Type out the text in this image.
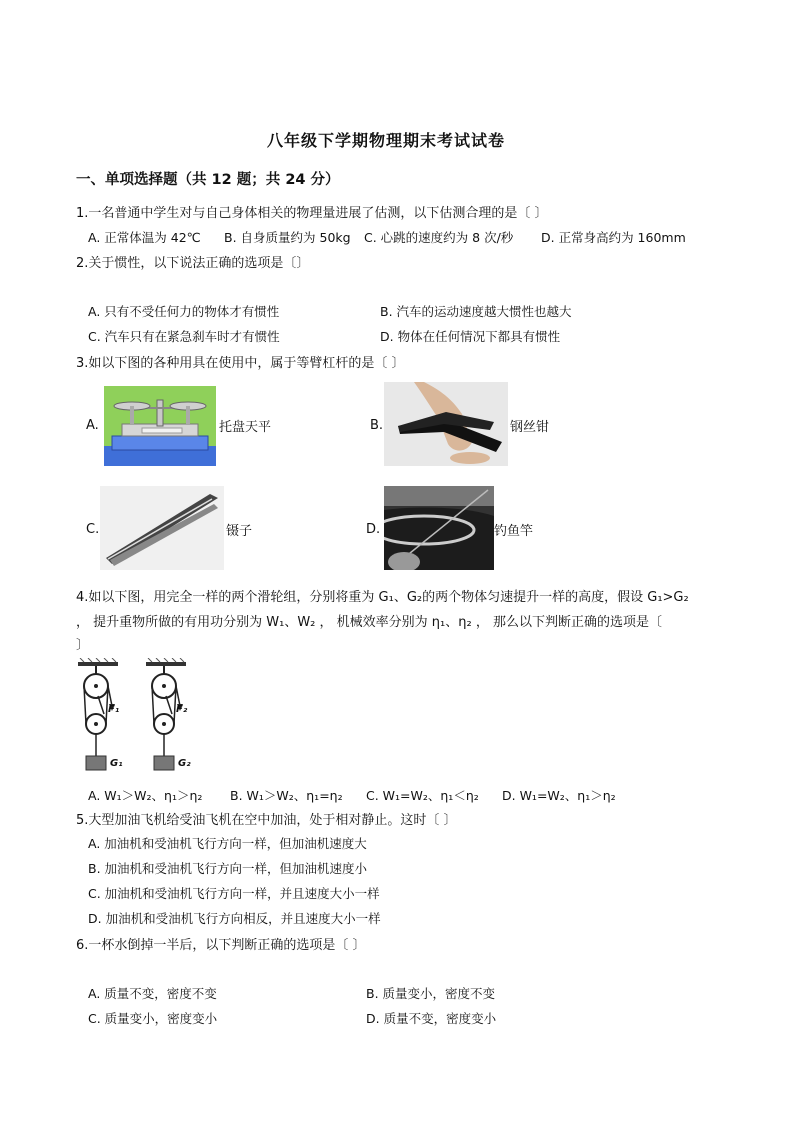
八年级下学期物理期末考试试卷
一、单项选择题（共 12 题；共 24 分）
1.一名普通中学生对与自己身体相关的物理量进展了估测，以下估测合理的是〔 〕
A. 正常体温为 42℃ B. 自身质量约为 50kg C. 心跳的速度约为 8 次/秒 D. 正常身高约为 160mm
2.关于惯性，以下说法正确的选项是〔〕
A. 只有不受任何力的物体才有惯性	B. 汽车的运动速度越大惯性也越大
C. 汽车只有在紧急刹车时才有惯性	D. 物体在任何情况下都具有惯性
3.如以下图的各种用具在使用中，属于等臂杠杆的是〔 〕
A.	托盘天平	B.	钢丝钳
C.	镊子	D.	钓鱼竿
4.如以下图，用完全一样的两个滑轮组，分别将重为 G₁、G₂的两个物体匀速提升一样的高度，假设 G₁>G₂
， 提升重物所做的有用功分别为 W₁、W₂ ， 机械效率分别为 η₁、η₂ ， 那么以下判断正确的选项是〔
〕
F₁	F₂
G₁	G₂
A. W₁＞W₂、η₁＞η₂ B. W₁＞W₂、η₁=η₂ C. W₁=W₂、η₁＜η₂ D. W₁=W₂、η₁＞η₂
5.大型加油飞机给受油飞机在空中加油，处于相对静止。这时〔 〕
A. 加油机和受油机飞行方向一样，但加油机速度大
B. 加油机和受油机飞行方向一样，但加油机速度小
C. 加油机和受油机飞行方向一样，并且速度大小一样
D. 加油机和受油机飞行方向相反，并且速度大小一样
6.一杯水倒掉一半后，以下判断正确的选项是〔 〕
A. 质量不变，密度不变	B. 质量变小，密度不变
C. 质量变小，密度变小	D. 质量不变，密度变小
